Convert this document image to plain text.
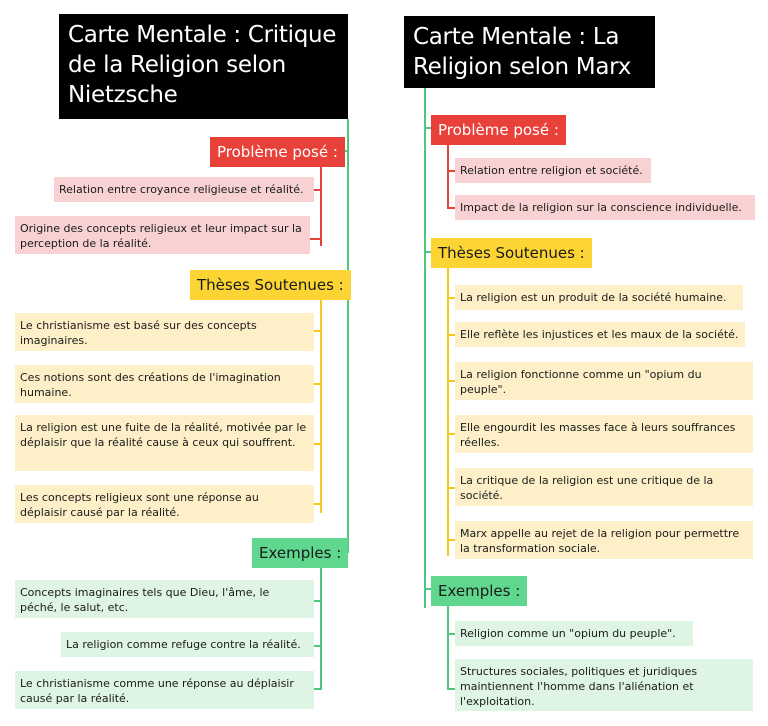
Carte Mentale : Critique de la Religion selon Nietzsche
Problème posé :
Relation entre croyance religieuse et réalité.
Origine des concepts religieux et leur impact sur la perception de la réalité.
Thèses Soutenues :
Le christianisme est basé sur des concepts imaginaires.
Ces notions sont des créations de l'imagination humaine.
La religion est une fuite de la réalité, motivée par le déplaisir que la réalité cause à ceux qui souffrent.
Les concepts religieux sont une réponse au déplaisir causé par la réalité.
Exemples :
Concepts imaginaires tels que Dieu, l'âme, le péché, le salut, etc.
La religion comme refuge contre la réalité.
Le christianisme comme une réponse au déplaisir causé par la réalité.
Carte Mentale : La Religion selon Marx
Problème posé :
Relation entre religion et société.
Impact de la religion sur la conscience individuelle.
Thèses Soutenues :
La religion est un produit de la société humaine.
Elle reflète les injustices et les maux de la société.
La religion fonctionne comme un "opium du peuple".
Elle engourdit les masses face à leurs souffrances réelles.
La critique de la religion est une critique de la société.
Marx appelle au rejet de la religion pour permettre la transformation sociale.
Exemples :
Religion comme un "opium du peuple".
Structures sociales, politiques et juridiques maintiennent l'homme dans l'aliénation et l'exploitation.
